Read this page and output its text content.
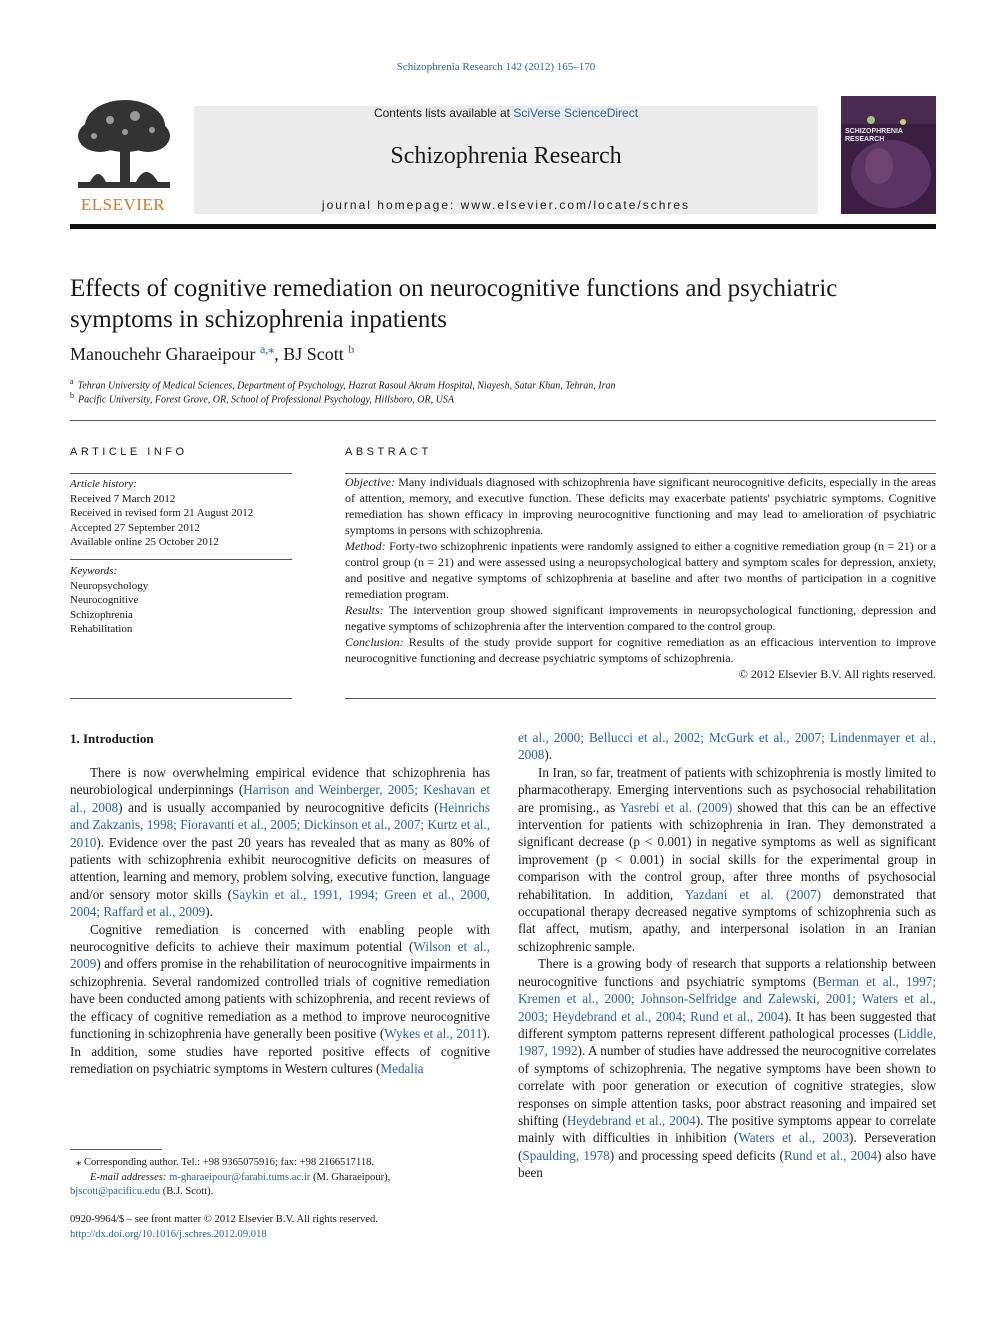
Schizophrenia Research 142 (2012) 165–170
ELSEVIER
Contents lists available at SciVerse ScienceDirect
Schizophrenia Research
journal homepage: www.elsevier.com/locate/schres
SCHIZOPHRENIA RESEARCH
Effects of cognitive remediation on neurocognitive functions and psychiatric
symptoms in schizophrenia inpatients
Manouchehr Gharaeipour $^{a,⁎}$, BJ Scott $^b$
$^a$ Tehran University of Medical Sciences, Department of Psychology, Hazrat Rasoul Akram Hospital, Niayesh, Satar Khan, Tehran, Iran
$^b$ Pacific University, Forest Grove, OR, School of Professional Psychology, Hillsboro, OR, USA
ARTICLE INFO
Article history:
Received 7 March 2012
Received in revised form 21 August 2012
Accepted 27 September 2012
Available online 25 October 2012
Keywords:
Neuropsychology
Neurocognitive
Schizophrenia
Rehabilitation
ABSTRACT

Objective: Many individuals diagnosed with schizophrenia have significant neurocognitive deficits, especially in the areas of attention, memory, and executive function. These deficits may exacerbate patients' psychiatric symptoms. Cognitive remediation has shown efficacy in improving neurocognitive functioning and may lead to amelioration of psychiatric symptoms in persons with schizophrenia.

Method: Forty-two schizophrenic inpatients were randomly assigned to either a cognitive remediation group (n = 21) or a control group (n = 21) and were assessed using a neuropsychological battery and symptom scales for depression, anxiety, and positive and negative symptoms of schizophrenia at baseline and after two months of participation in a cognitive remediation program.

Results: The intervention group showed significant improvements in neuropsychological functioning, depression and negative symptoms of schizophrenia after the intervention compared to the control group.

Conclusion: Results of the study provide support for cognitive remediation as an efficacious intervention to improve neurocognitive functioning and decrease psychiatric symptoms of schizophrenia.

© 2012 Elsevier B.V. All rights reserved.

1. Introduction

There is now overwhelming empirical evidence that schizophrenia has neurobiological underpinnings (Harrison and Weinberger, 2005; Keshavan et al., 2008) and is usually accompanied by neurocognitive deficits (Heinrichs and Zakzanis, 1998; Fioravanti et al., 2005; Dickinson et al., 2007; Kurtz et al., 2010). Evidence over the past 20 years has revealed that as many as 80% of patients with schizophrenia exhibit neurocognitive deficits on measures of attention, learning and memory, problem solving, executive function, language and/or sensory motor skills (Saykin et al., 1991, 1994; Green et al., 2000, 2004; Raffard et al., 2009).

Cognitive remediation is concerned with enabling people with neurocognitive deficits to achieve their maximum potential (Wilson et al., 2009) and offers promise in the rehabilitation of neurocognitive impairments in schizophrenia. Several randomized controlled trials of cognitive remediation have been conducted among patients with schizophrenia, and recent reviews of the efficacy of cognitive remediation as a method to improve neurocognitive functioning in schizophrenia have generally been positive (Wykes et al., 2011). In addition, some studies have reported positive effects of cognitive remediation on psychiatric symptoms in Western cultures (Medalia

et al., 2000; Bellucci et al., 2002; McGurk et al., 2007; Lindenmayer et al., 2008).

In Iran, so far, treatment of patients with schizophrenia is mostly limited to pharmacotherapy. Emerging interventions such as psychosocial rehabilitation are promising., as Yasrebi et al. (2009) showed that this can be an effective intervention for patients with schizophrenia in Iran. They demonstrated a significant decrease (p < 0.001) in negative symptoms as well as significant improvement (p < 0.001) in social skills for the experimental group in comparison with the control group, after three months of psychosocial rehabilitation. In addition, Yazdani et al. (2007) demonstrated that occupational therapy decreased negative symptoms of schizophrenia such as flat affect, mutism, apathy, and interpersonal isolation in an Iranian schizophrenic sample.

There is a growing body of research that supports a relationship between neurocognitive functions and psychiatric symptoms (Berman et al., 1997; Kremen et al., 2000; Johnson-Selfridge and Zalewski, 2001; Waters et al., 2003; Heydebrand et al., 2004; Rund et al., 2004). It has been suggested that different symptom patterns represent different pathological processes (Liddle, 1987, 1992). A number of studies have addressed the neurocognitive correlates of symptoms of schizophrenia. The negative symptoms have been shown to correlate with poor generation or execution of cognitive strategies, slow responses on simple attention tasks, poor abstract reasoning and impaired set shifting (Heydebrand et al., 2004). The positive symptoms appear to correlate mainly with difficulties in inhibition (Waters et al., 2003). Perseveration (Spaulding, 1978) and processing speed deficits (Rund et al., 2004) also have been

⁎ Corresponding author. Tel.: +98 9365075916; fax: +98 2166517118.
E-mail addresses: m-gharaeipour@farabi.tums.ac.ir (M. Gharaeipour),
bjscott@pacificu.edu (B.J. Scott).
0920-9964/$ – see front matter © 2012 Elsevier B.V. All rights reserved.
http://dx.doi.org/10.1016/j.schres.2012.09.018
